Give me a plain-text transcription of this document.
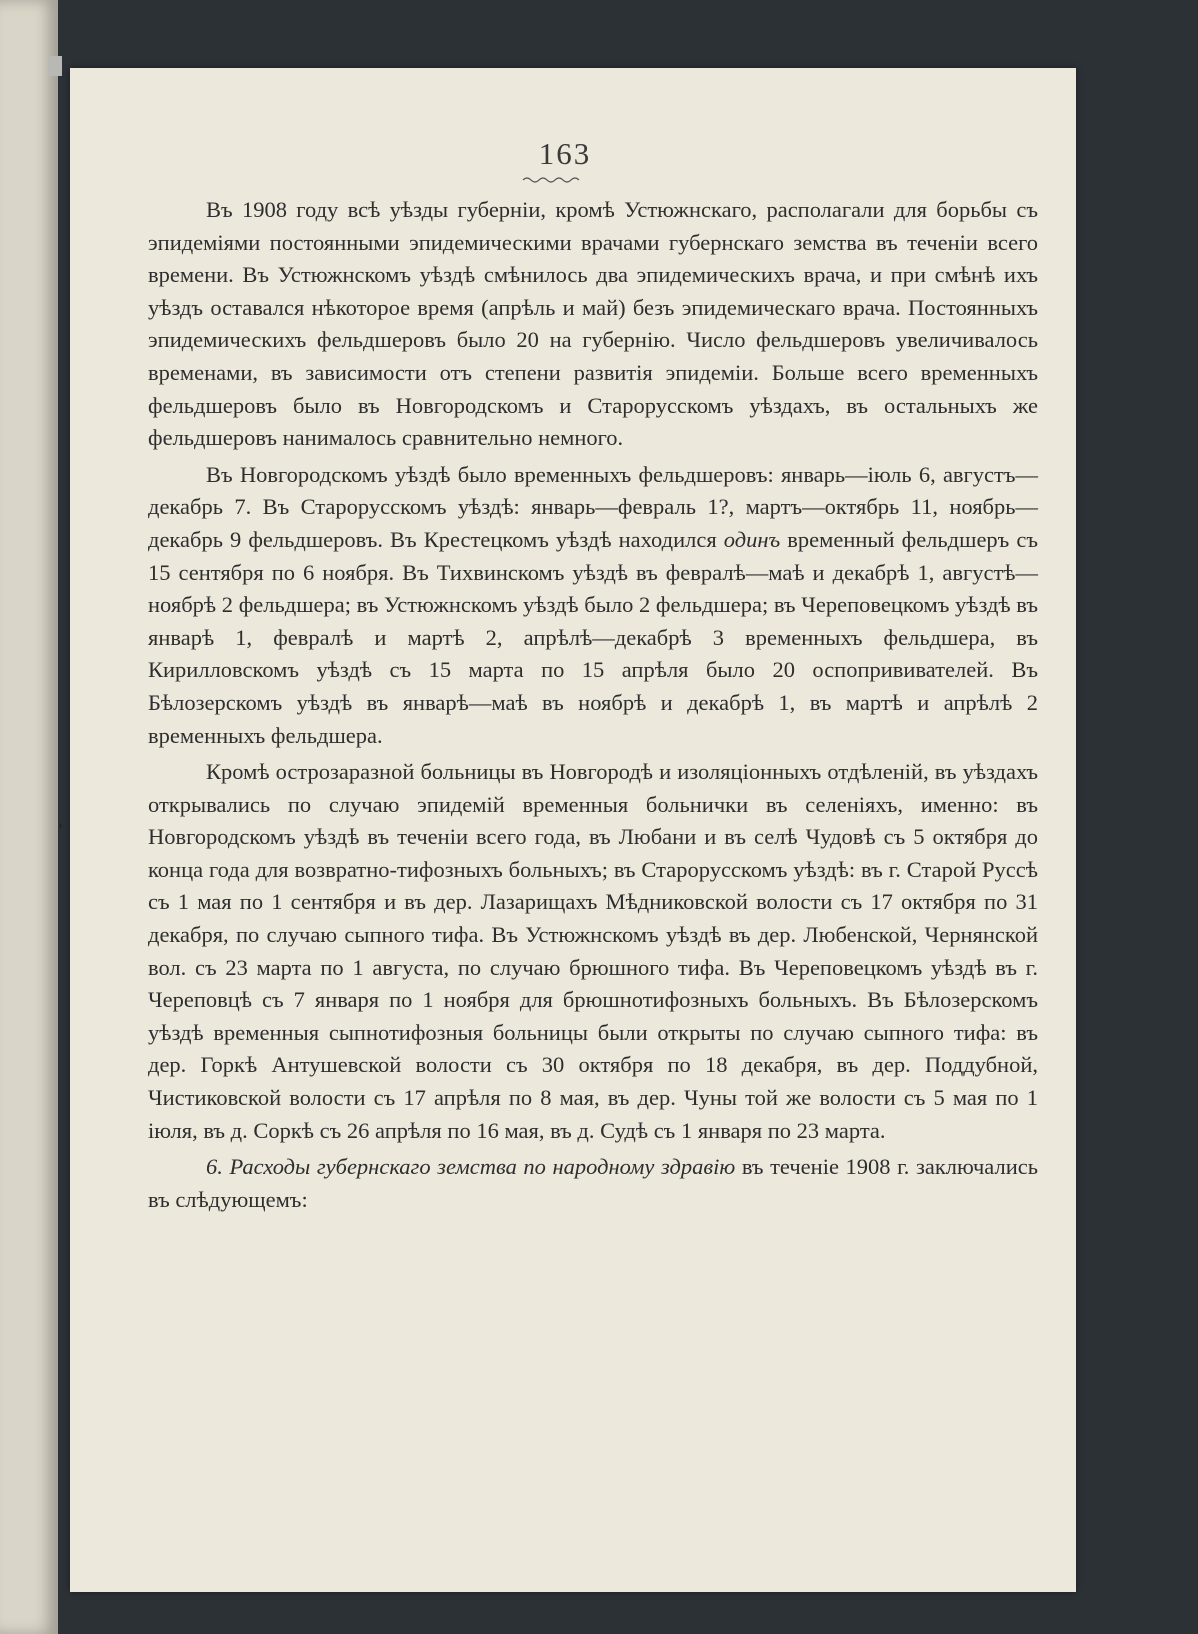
›
163

Въ 1908 году всѣ уѣзды губерніи, кромѣ Устюжнскаго, располагали для борьбы съ эпидеміями постоянными эпидемическими врачами губернскаго земства въ теченіи всего времени. Въ Устюжнскомъ уѣздѣ смѣнилось два эпидемическихъ врача, и при смѣнѣ ихъ уѣздъ оставался нѣкоторое время (апрѣль и май) безъ эпидемическаго врача. Постоянныхъ эпидемическихъ фельдшеровъ было 20 на губернію. Число фельдшеровъ увеличивалось временами, въ зависимости отъ степени развитія эпидеміи. Больше всего временныхъ фельдшеровъ было въ Новгородскомъ и Старорусскомъ уѣздахъ, въ остальныхъ же фельдшеровъ нанималось сравнительно немного.

Въ Новгородскомъ уѣздѣ было временныхъ фельдшеровъ: январь—іюль 6, августъ—декабрь 7. Въ Старорусскомъ уѣздѣ: январь—февраль 1?, мартъ—октябрь 11, ноябрь—декабрь 9 фельдшеровъ. Въ Крестецкомъ уѣздѣ находился одинъ временный фельдшеръ съ 15 сентября по 6 ноября. Въ Тихвинскомъ уѣздѣ въ февралѣ—маѣ и декабрѣ 1, августѣ—ноябрѣ 2 фельдшера; въ Устюжнскомъ уѣздѣ было 2 фельдшера; въ Череповецкомъ уѣздѣ въ январѣ 1, февралѣ и мартѣ 2, апрѣлѣ—декабрѣ 3 временныхъ фельдшера, въ Кирилловскомъ уѣздѣ съ 15 марта по 15 апрѣля было 20 оспопрививателей. Въ Бѣлозерскомъ уѣздѣ въ январѣ—маѣ въ ноябрѣ и декабрѣ 1, въ мартѣ и апрѣлѣ 2 временныхъ фельдшера.

Кромѣ острозаразной больницы въ Новгородѣ и изоляціонныхъ отдѣленій, въ уѣздахъ открывались по случаю эпидемій временныя больнички въ селеніяхъ, именно: въ Новгородскомъ уѣздѣ въ теченіи всего года, въ Любани и въ селѣ Чудовѣ съ 5 октября до конца года для возвратно-тифозныхъ больныхъ; въ Старорусскомъ уѣздѣ: въ г. Старой Руссѣ съ 1 мая по 1 сентября и въ дер. Лазарищахъ Мѣдниковской волости съ 17 октября по 31 декабря, по случаю сыпного тифа. Въ Устюжнскомъ уѣздѣ въ дер. Любенской, Чернянской вол. съ 23 марта по 1 августа, по случаю брюшного тифа. Въ Череповецкомъ уѣздѣ въ г. Череповцѣ съ 7 января по 1 ноября для брюшнотифозныхъ больныхъ. Въ Бѣлозерскомъ уѣздѣ временныя сыпнотифозныя больницы были открыты по случаю сыпного тифа: въ дер. Горкѣ Антушевской волости съ 30 октября по 18 декабря, въ дер. Поддубной, Чистиковской волости съ 17 апрѣля по 8 мая, въ дер. Чуны той же волости съ 5 мая по 1 іюля, въ д. Соркѣ съ 26 апрѣля по 16 мая, въ д. Судѣ съ 1 января по 23 марта.

6. Расходы губернскаго земства по народному здравію въ теченіе 1908 г. заключались въ слѣдующемъ:
